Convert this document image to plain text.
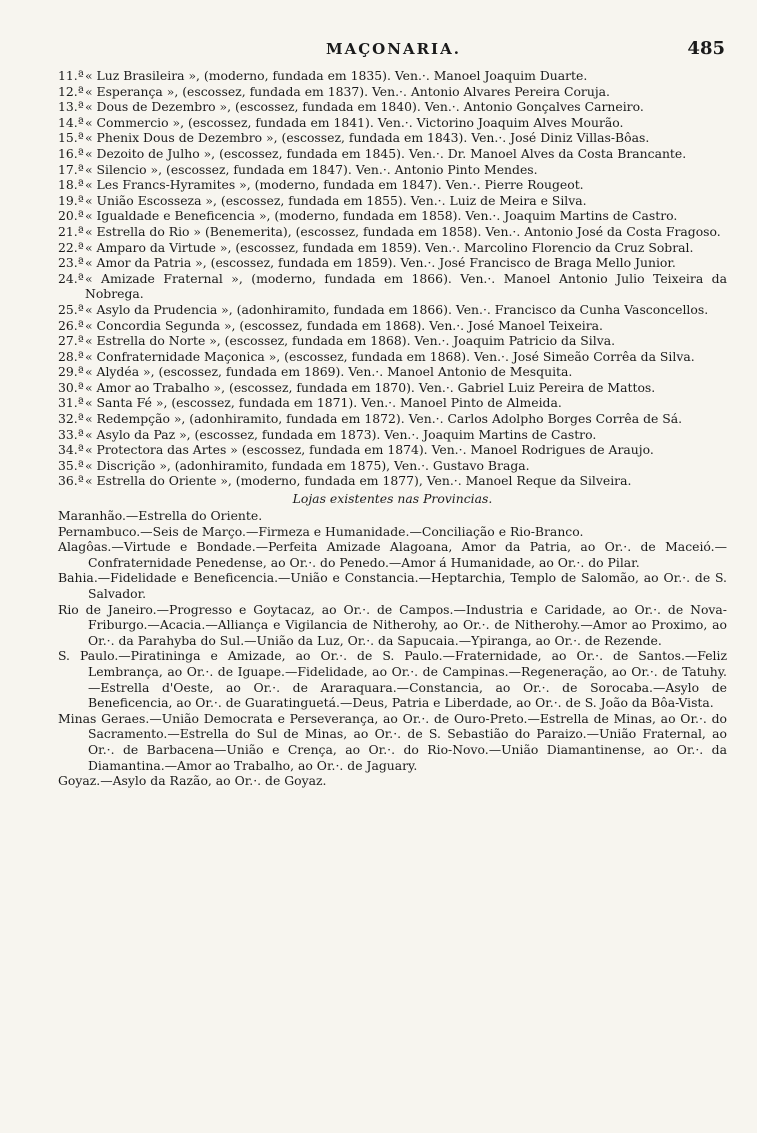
MAÇONARIA.	485

11.ª« Luz Brasileira », (moderno, fundada em 1835). Ven.·. Manoel Joaquim Duarte.

12.ª« Esperança », (escossez, fundada em 1837). Ven.·. Antonio Alvares Pereira Coruja.

13.ª« Dous de Dezembro », (escossez, fundada em 1840). Ven.·. Antonio Gonçalves Carneiro.

14.ª« Commercio », (escossez, fundada em 1841). Ven.·. Victorino Joaquim Alves Mourão.

15.ª« Phenix Dous de Dezembro », (escossez, fundada em 1843). Ven.·. José Diniz Villas-Bôas.

16.ª« Dezoito de Julho », (escossez, fundada em 1845). Ven.·. Dr. Manoel Alves da Costa Brancante.

17.ª« Silencio », (escossez, fundada em 1847). Ven.·. Antonio Pinto Mendes.

18.ª« Les Francs-Hyramites », (moderno, fundada em 1847). Ven.·. Pierre Rougeot.

19.ª« União Escosseza », (escossez, fundada em 1855). Ven.·. Luiz de Meira e Silva.

20.ª« Igualdade e Beneficencia », (moderno, fundada em 1858). Ven.·. Joaquim Martins de Castro.

21.ª« Estrella do Rio » (Benemerita), (escossez, fundada em 1858). Ven.·. Antonio José da Costa Fragoso.

22.ª« Amparo da Virtude », (escossez, fundada em 1859). Ven.·. Marcolino Florencio da Cruz Sobral.

23.ª« Amor da Patria », (escossez, fundada em 1859). Ven.·. José Francisco de Braga Mello Junior.

24.ª« Amizade Fraternal », (moderno, fundada em 1866). Ven.·. Manoel Antonio Julio Teixeira da Nobrega.

25.ª« Asylo da Prudencia », (adonhiramito, fundada em 1866). Ven.·. Francisco da Cunha Vasconcellos.

26.ª« Concordia Segunda », (escossez, fundada em 1868). Ven.·. José Manoel Teixeira.

27.ª« Estrella do Norte », (escossez, fundada em 1868). Ven.·. Joaquim Patricio da Silva.

28.ª« Confraternidade Maçonica », (escossez, fundada em 1868). Ven.·. José Simeão Corrêa da Silva.

29.ª« Alydéa », (escossez, fundada em 1869). Ven.·. Manoel Antonio de Mesquita.

30.ª« Amor ao Trabalho », (escossez, fundada em 1870). Ven.·. Gabriel Luiz Pereira de Mattos.

31.ª« Santa Fé », (escossez, fundada em 1871). Ven.·. Manoel Pinto de Almeida.

32.ª« Redempção », (adonhiramito, fundada em 1872). Ven.·. Carlos Adolpho Borges Corrêa de Sá.

33.ª« Asylo da Paz », (escossez, fundada em 1873). Ven.·. Joaquim Martins de Castro.

34.ª« Protectora das Artes » (escossez, fundada em 1874). Ven.·. Manoel Rodrigues de Araujo.

35.ª« Discrição », (adonhiramito, fundada em 1875), Ven.·. Gustavo Braga.

36.ª« Estrella do Oriente », (moderno, fundada em 1877), Ven.·. Manoel Reque da Silveira.

Lojas existentes nas Provincias.

Maranhão.—Estrella do Oriente.

Pernambuco.—Seis de Março.—Firmeza e Humanidade.—Conciliação e Rio-Branco.

Alagôas.—Virtude e Bondade.—Perfeita Amizade Alagoana, Amor da Patria, ao Or.·. de Maceió.—Confraternidade Penedense, ao Or.·. do Penedo.—Amor á Humanidade, ao Or.·. do Pilar.

Bahia.—Fidelidade e Beneficencia.—União e Constancia.—Heptarchia, Templo de Salomão, ao Or.·. de S. Salvador.

Rio de Janeiro.—Progresso e Goytacaz, ao Or.·. de Campos.—Industria e Caridade, ao Or.·. de Nova-Friburgo.—Acacia.—Alliança e Vigilancia de Nitherohy, ao Or.·. de Nitherohy.—Amor ao Proximo, ao Or.·. da Parahyba do Sul.—União da Luz, Or.·. da Sapucaia.—Ypiranga, ao Or.·. de Rezende.

S. Paulo.—Piratininga e Amizade, ao Or.·. de S. Paulo.—Fraternidade, ao Or.·. de Santos.—Feliz Lembrança, ao Or.·. de Iguape.—Fidelidade, ao Or.·. de Campinas.—Regeneração, ao Or.·. de Tatuhy.—Estrella d'Oeste, ao Or.·. de Araraquara.—Constancia, ao Or.·. de Sorocaba.—Asylo de Beneficencia, ao Or.·. de Guaratinguetá.—Deus, Patria e Liberdade, ao Or.·. de S. João da Bôa-Vista.

Minas Geraes.—União Democrata e Perseverança, ao Or.·. de Ouro-Preto.—Estrella de Minas, ao Or.·. do Sacramento.—Estrella do Sul de Minas, ao Or.·. de S. Sebastião do Paraizo.—União Fraternal, ao Or.·. de Barbacena—União e Crença, ao Or.·. do Rio-Novo.—União Diamantinense, ao Or.·. da Diamantina.—Amor ao Trabalho, ao Or.·. de Jaguary.

Goyaz.—Asylo da Razão, ao Or.·. de Goyaz.
